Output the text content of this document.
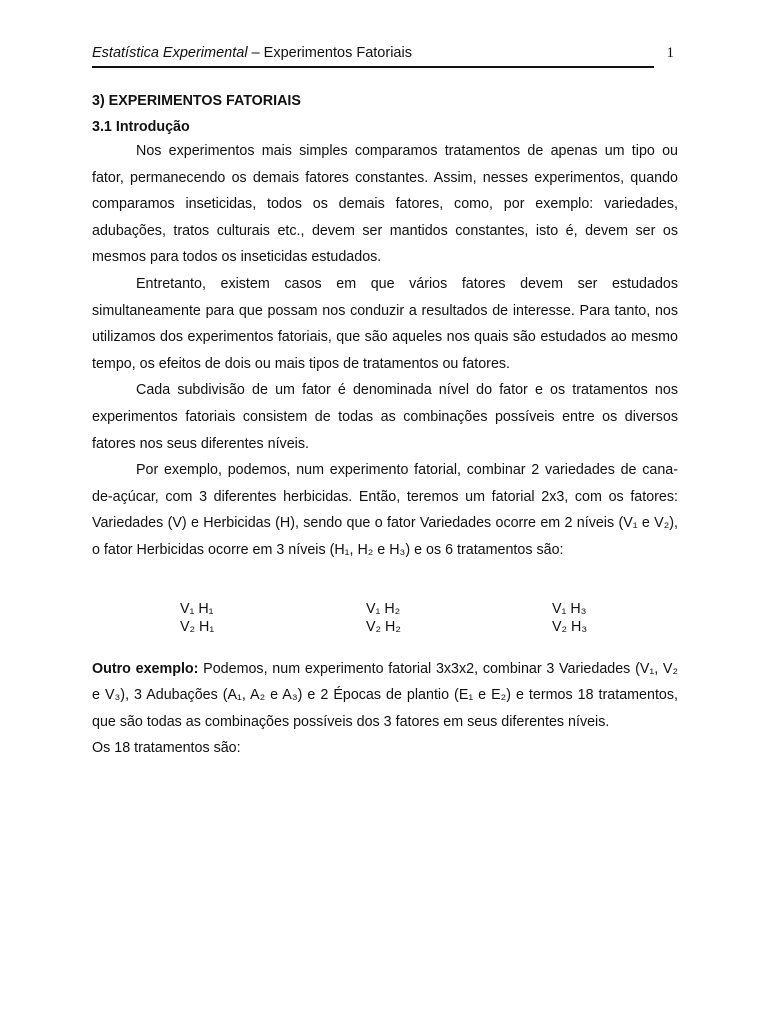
Estatística Experimental – Experimentos Fatoriais	1
3) EXPERIMENTOS FATORIAIS
3.1 Introdução

Nos experimentos mais simples comparamos tratamentos de apenas um tipo ou fator, permanecendo os demais fatores constantes. Assim, nesses experimentos, quando comparamos inseticidas, todos os demais fatores, como, por exemplo: variedades, adubações, tratos culturais etc., devem ser mantidos constantes, isto é, devem ser os mesmos para todos os inseticidas estudados.

Entretanto, existem casos em que vários fatores devem ser estudados simultaneamente para que possam nos conduzir a resultados de interesse. Para tanto, nos utilizamos dos experimentos fatoriais, que são aqueles nos quais são estudados ao mesmo tempo, os efeitos de dois ou mais tipos de tratamentos ou fatores.

Cada subdivisão de um fator é denominada nível do fator e os tratamentos nos experimentos fatoriais consistem de todas as combinações possíveis entre os diversos fatores nos seus diferentes níveis.

Por exemplo, podemos, num experimento fatorial, combinar 2 variedades de cana-de-açúcar, com 3 diferentes herbicidas. Então, teremos um fatorial 2x3, com os fatores: Variedades (V) e Herbicidas (H), sendo que o fator Variedades ocorre em 2 níveis (V₁ e V₂), o fator Herbicidas ocorre em 3 níveis (H₁, H₂ e H₃) e os 6 tratamentos são:

V₁ H₁	V₁ H₂	V₁ H₃
V₂ H₁	V₂ H₂	V₂ H₃

Outro exemplo: Podemos, num experimento fatorial 3x3x2, combinar 3 Variedades (V₁, V₂ e V₃), 3 Adubações (A₁, A₂ e A₃) e 2 Épocas de plantio (E₁ e E₂) e termos 18 tratamentos, que são todas as combinações possíveis dos 3 fatores em seus diferentes níveis.

Os 18 tratamentos são:
